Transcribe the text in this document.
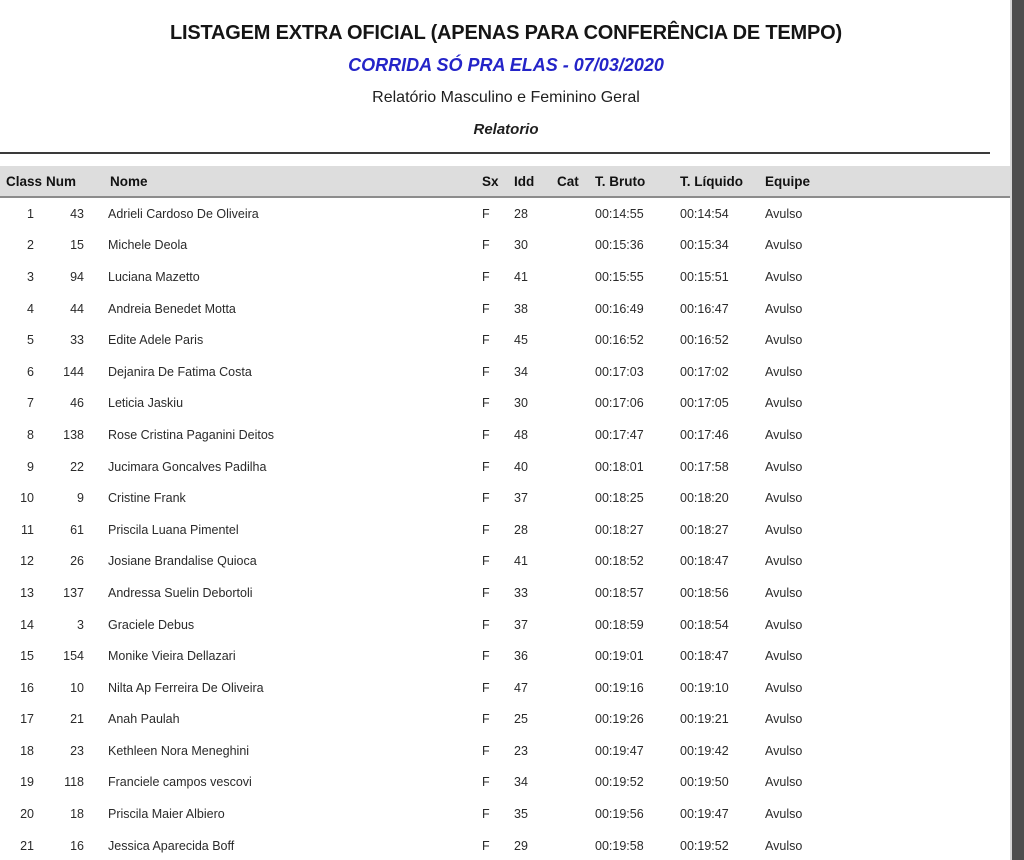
LISTAGEM EXTRA OFICIAL (APENAS PARA CONFERÊNCIA DE TEMPO)
CORRIDA SÓ PRA ELAS - 07/03/2020
Relatório Masculino e Feminino Geral
Relatorio
Class	Num	Nome	Sx	Idd	Cat	T. Bruto	T. Líquido	Equipe
1	43	Adrieli Cardoso De Oliveira	F	28		00:14:55	00:14:54	Avulso
2	15	Michele Deola	F	30		00:15:36	00:15:34	Avulso
3	94	Luciana Mazetto	F	41		00:15:55	00:15:51	Avulso
4	44	Andreia Benedet Motta	F	38		00:16:49	00:16:47	Avulso
5	33	Edite Adele Paris	F	45		00:16:52	00:16:52	Avulso
6	144	Dejanira De Fatima Costa	F	34		00:17:03	00:17:02	Avulso
7	46	Leticia Jaskiu	F	30		00:17:06	00:17:05	Avulso
8	138	Rose Cristina Paganini Deitos	F	48		00:17:47	00:17:46	Avulso
9	22	Jucimara Goncalves Padilha	F	40		00:18:01	00:17:58	Avulso
10	9	Cristine Frank	F	37		00:18:25	00:18:20	Avulso
11	61	Priscila Luana Pimentel	F	28		00:18:27	00:18:27	Avulso
12	26	Josiane Brandalise Quioca	F	41		00:18:52	00:18:47	Avulso
13	137	Andressa Suelin Debortoli	F	33		00:18:57	00:18:56	Avulso
14	3	Graciele Debus	F	37		00:18:59	00:18:54	Avulso
15	154	Monike Vieira Dellazari	F	36		00:19:01	00:18:47	Avulso
16	10	Nilta Ap Ferreira De Oliveira	F	47		00:19:16	00:19:10	Avulso
17	21	Anah Paulah	F	25		00:19:26	00:19:21	Avulso
18	23	Kethleen Nora Meneghini	F	23		00:19:47	00:19:42	Avulso
19	118	Franciele campos vescovi	F	34		00:19:52	00:19:50	Avulso
20	18	Priscila Maier Albiero	F	35		00:19:56	00:19:47	Avulso
21	16	Jessica Aparecida Boff	F	29		00:19:58	00:19:52	Avulso
